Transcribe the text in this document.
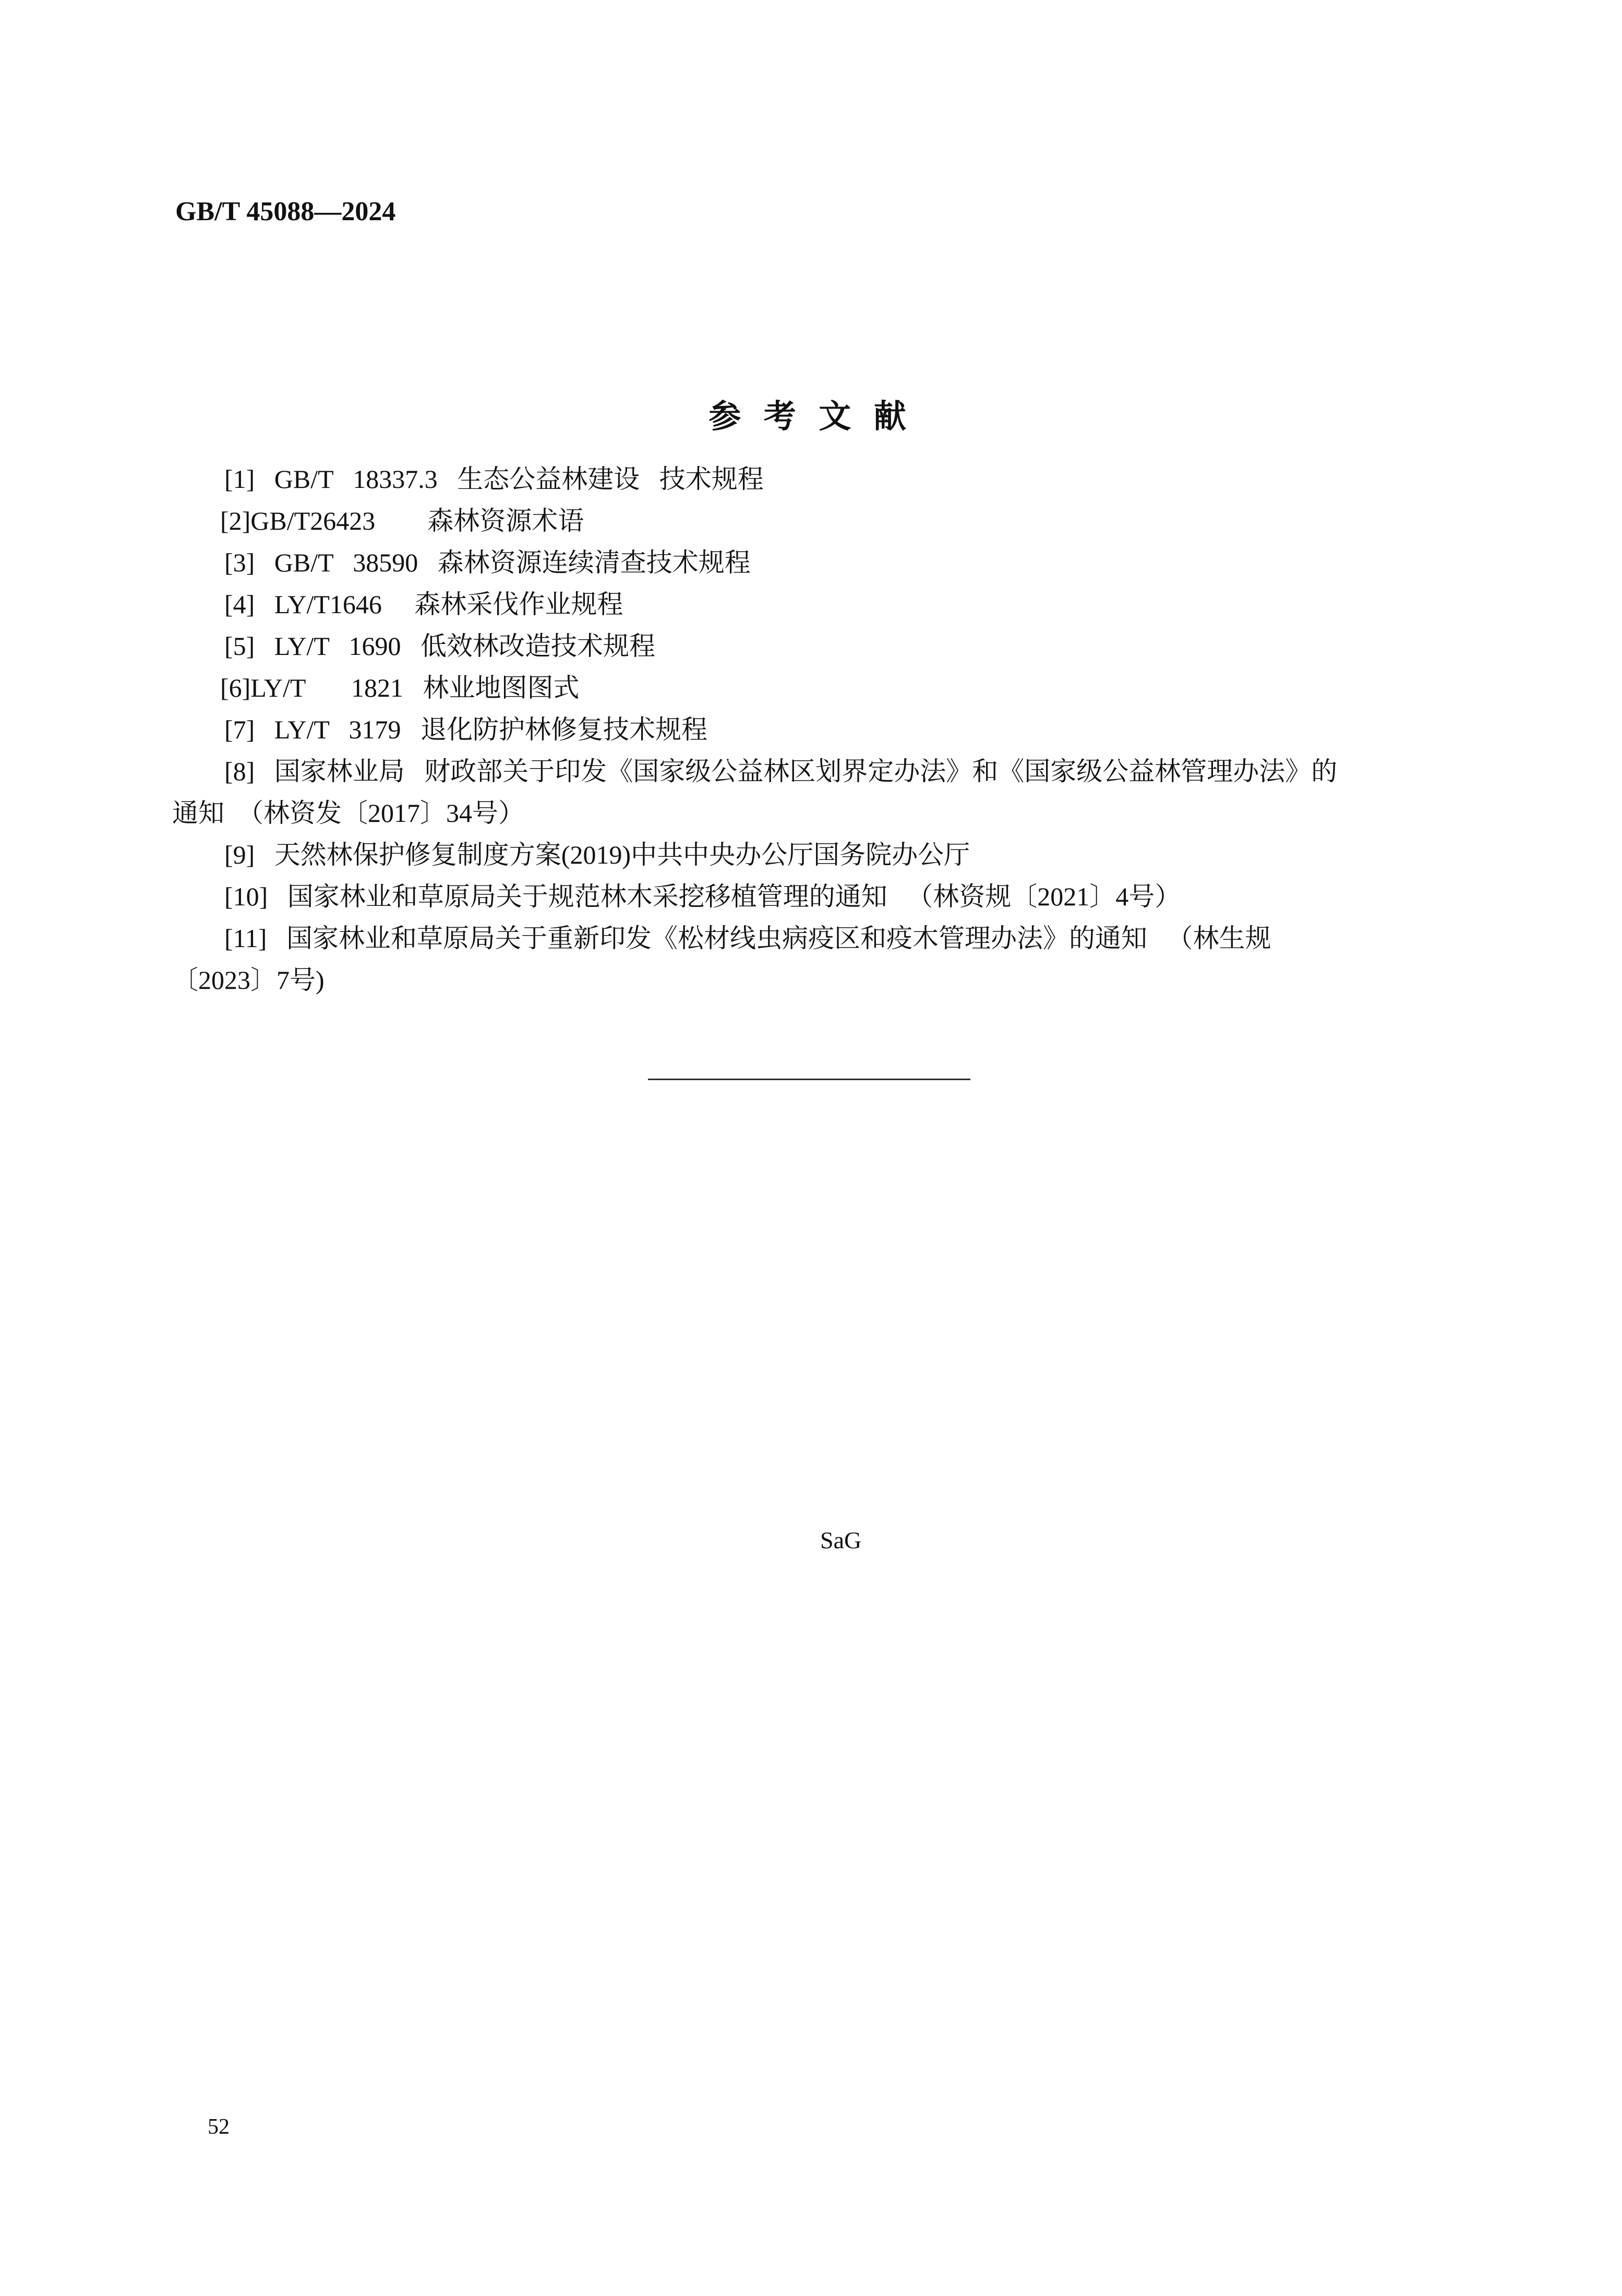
GB/T 45088—2024
参 考 文 献
[1]   GB/T   18337.3   生态公益林建设   技术规程
[2]GB/T26423        森林资源术语
[3]   GB/T   38590   森林资源连续清查技术规程
[4]   LY/T1646     森林采伐作业规程
[5]   LY/T   1690   低效林改造技术规程
[6]LY/T       1821   林业地图图式
[7]   LY/T   3179   退化防护林修复技术规程
[8]   国家林业局   财政部关于印发《国家级公益林区划界定办法》和《国家级公益林管理办法》的
通知  （林资发〔2017〕34号）
[9]   天然林保护修复制度方案(2019)中共中央办公厅国务院办公厅
[10]   国家林业和草原局关于规范林木采挖移植管理的通知   （林资规〔2021〕4号）
[11]   国家林业和草原局关于重新印发《松材线虫病疫区和疫木管理办法》的通知   （林生规
〔2023〕7号)
SaG
52
